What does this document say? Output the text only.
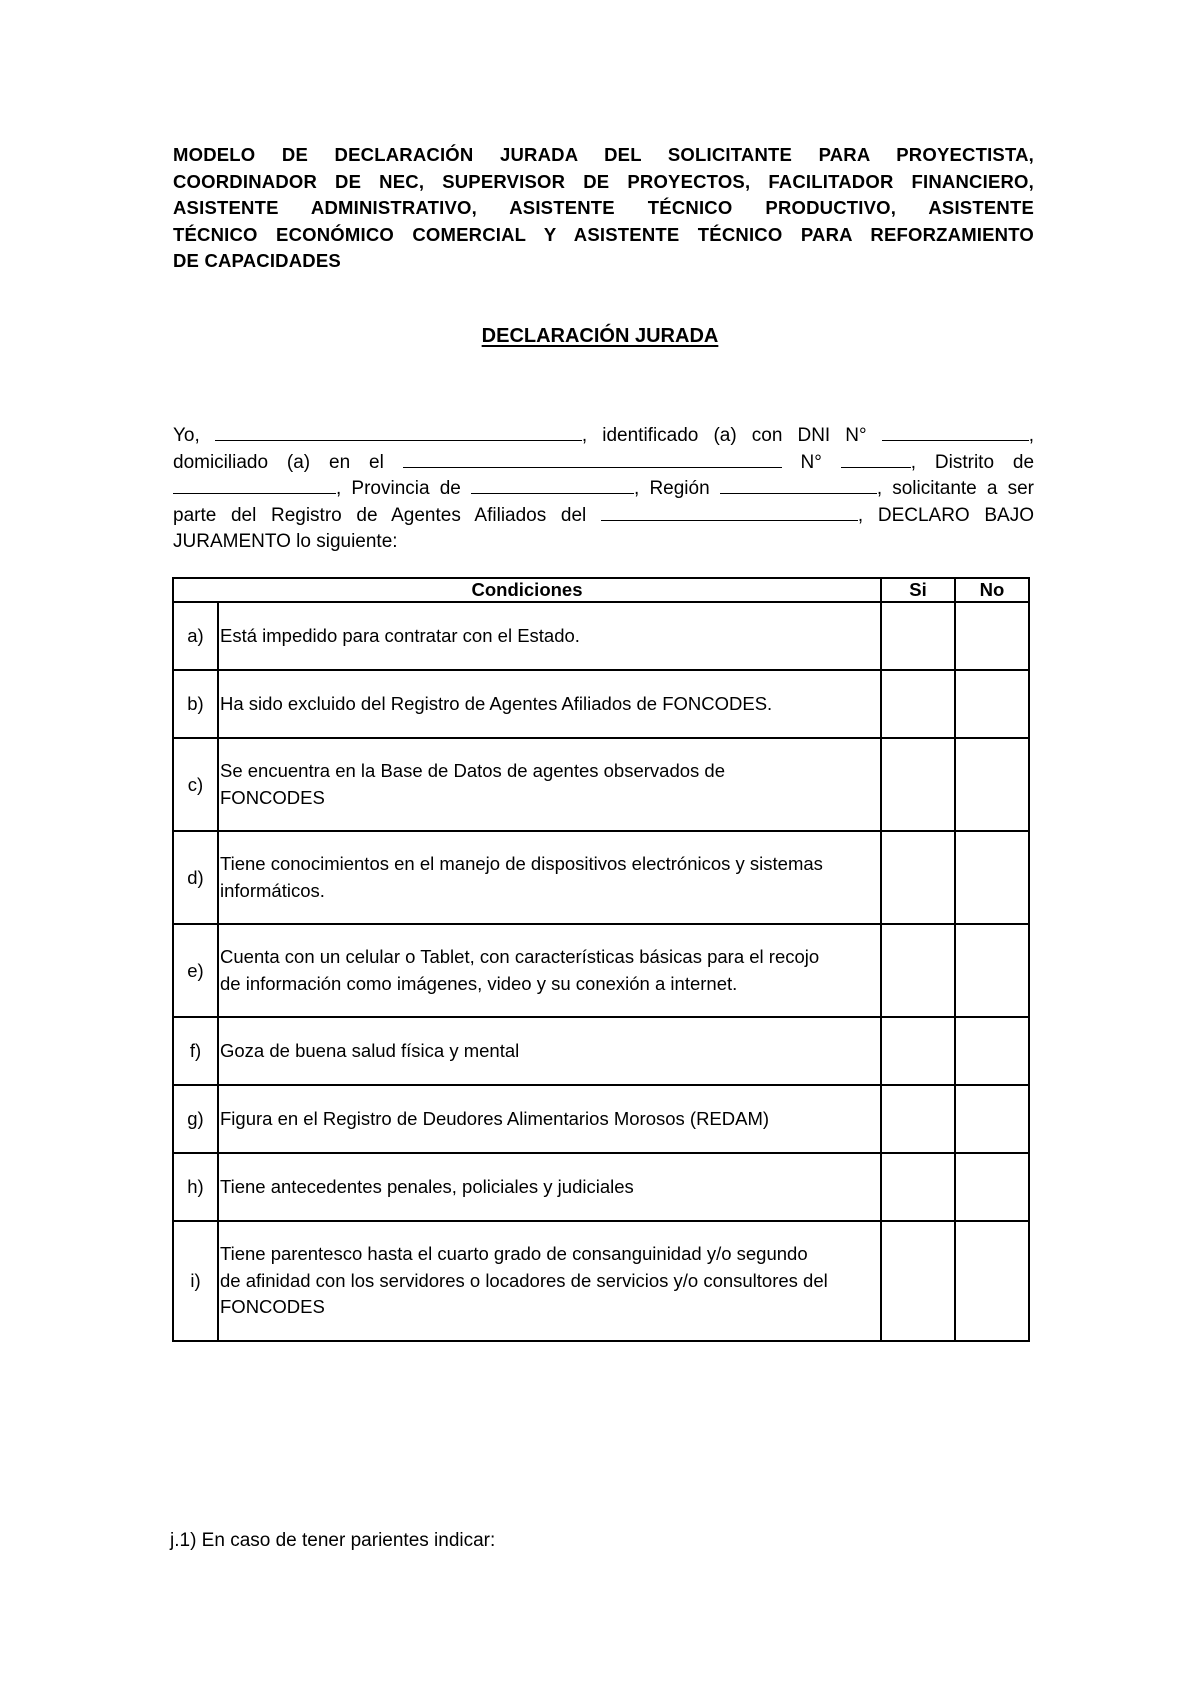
MODELO DE DECLARACIÓN JURADA DEL SOLICITANTE PARA PROYECTISTA,
COORDINADOR DE NEC, SUPERVISOR DE PROYECTOS, FACILITADOR FINANCIERO,
ASISTENTE ADMINISTRATIVO, ASISTENTE TÉCNICO PRODUCTIVO, ASISTENTE
TÉCNICO ECONÓMICO COMERCIAL Y ASISTENTE TÉCNICO PARA REFORZAMIENTO
DE CAPACIDADES
DECLARACIÓN JURADA
Yo,	, identificado (a) con DNI N°	,
domiciliado (a) en el	N°	, Distrito de
, Provincia de	, Región	, solicitante a ser
parte del Registro de Agentes Afiliados del	, DECLARO BAJO
JURAMENTO lo siguiente:
Condiciones		Si	No
a)	Está impedido para contratar con el Estado.		

b)	Ha sido excluido del Registro de Agentes Afiliados de FONCODES.		

c)	Se encuentra en la Base de Datos de agentes observados de
FONCODES		

d)	Tiene conocimientos en el manejo de dispositivos electrónicos y sistemas
informáticos.		

e)	Cuenta con un celular o Tablet, con características básicas para el recojo
de información como imágenes, video y su conexión a internet.		

f)	Goza de buena salud física y mental		

g)	Figura en el Registro de Deudores Alimentarios Morosos (REDAM)		

h)	Tiene antecedentes penales, policiales y judiciales		

i)	Tiene parentesco hasta el cuarto grado de consanguinidad y/o segundo
de afinidad con los servidores o locadores de servicios y/o consultores del
FONCODES		

j.1) En caso de tener parientes indicar:
